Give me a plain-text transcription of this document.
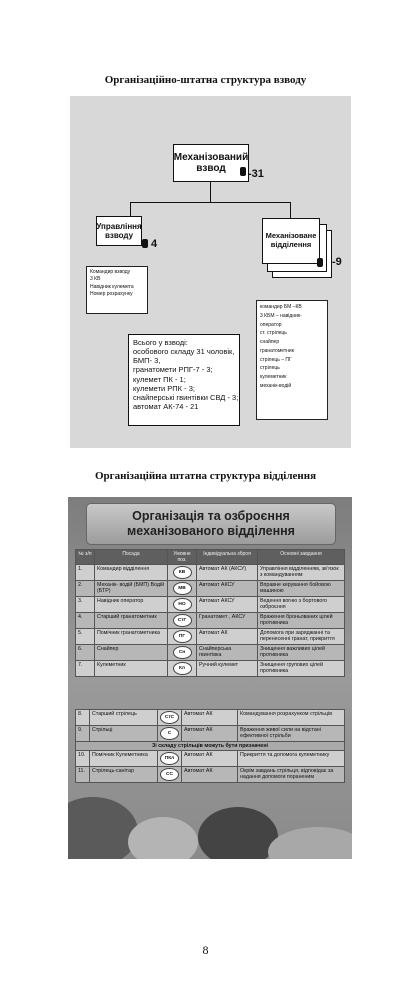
Організаційно-штатна структура взводу
Механізований взвод	-31
Управління взводу
4
Механізоване відділення
-9
Командир взводу
3 КВ
Навідник кулемета
Номер розрахунку
командир БМ –КВ
3 КБМ – навідник-
оператор
ст. стрілець
снайпер
гранатометник
стрілець – ПГ
стрілець
кулеметник
механік-водій
Всього у взводі:
особового складу 31 чоловік,
БМП- 3,
гранатомети РПГ-7 - 3;
кулемет ПК - 1;
кулемети РПК - 3;
снайперські гвинтівки СВД - 3;
автомат АК-74 - 21
Організаційна штатна структура відділення
Організація та озброєння
механізованого відділення
№ з/п	Посада	Умовне поз.	Індивідуальна зброя	Основні завдання
1.	Командир відділення	КВ	Автомат АК (АКСУ)	Управління відділенням, зв’язок з командуванням
2.	Механік- водій (БМП) Водій (БТР)	МВ	Автомат АКСУ	Вправне керування бойовою машиною
3.	Навідник оператор	НО	Автомат АКСУ	Ведення вогню з бортового озброєння
4.	Старший гранатометник	СтГ	Гранатомет , АКСУ	Враження броньованих цілей противника
5.	Помічник гранатометника	ПГ	Автомат АК	Допомога при заряджанні та перенесенні гранат, прикриття
6.	Снайпер	Сн	Снайперська гвинтівка	Знищення важливих цілей противника
7.	Кулеметник	Кл	Ручний кулемет	Знищення групових цілей противника
8.	Старший стрілець	СтС	Автомат АК	Командування розрахунком стрільців
9.	Стрільці	С	Автомат АК	Враження живої сили на відстані ефективної стрільби
Зі складу стрільців можуть бути призначені				
10.	Помічник Кулеметника	ПКл	Автомат АК	Прикриття та допомога кулеметнику
11.	Стрілець-санітар	СС	Автомат АК	Окрім завдань стрільця, відповідає за надання допомоги пораненим
8
